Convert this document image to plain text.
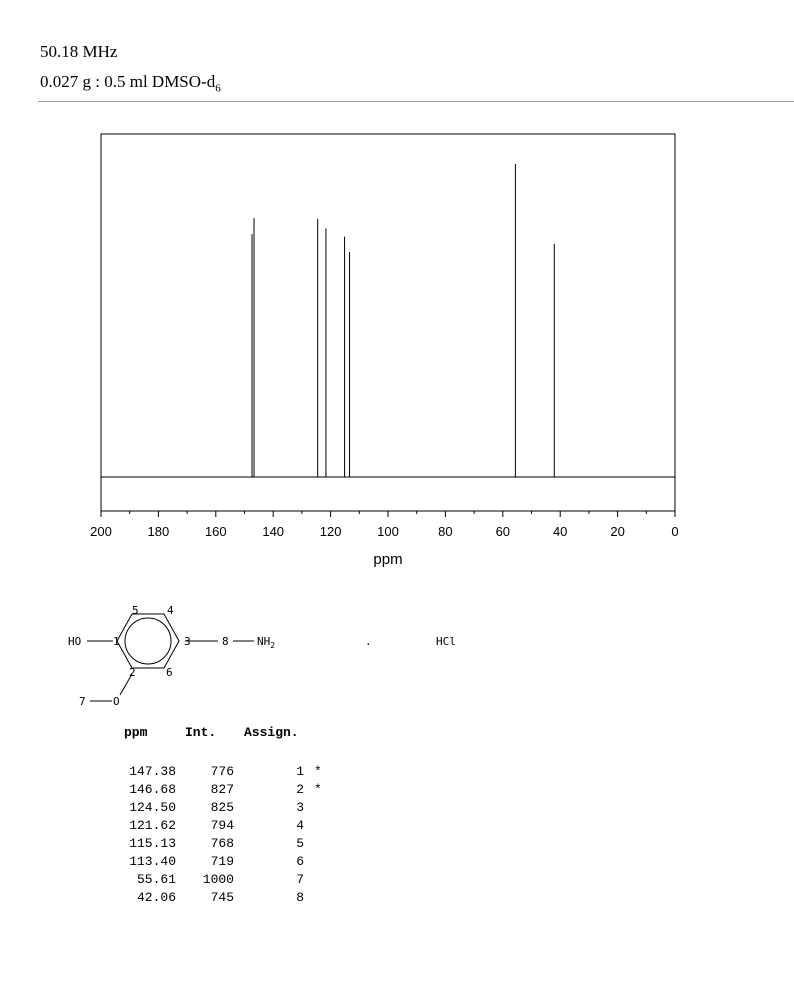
50.18 MHz
0.027 g : 0.5 ml DMSO-$d_6$
200	180	160	140	120	100	80	60	40	20	0
ppm
HO	1
2
3
4
5
6
7
8
O
$NH_2$	.	HCl
ppm	Int. Assign.
147.38	776	1 *
146.68	827	2 *
124.50	825	3
121.62	794	4
115.13	768	5
113.40	719	6
55.61	1000	7
42.06	745	8
